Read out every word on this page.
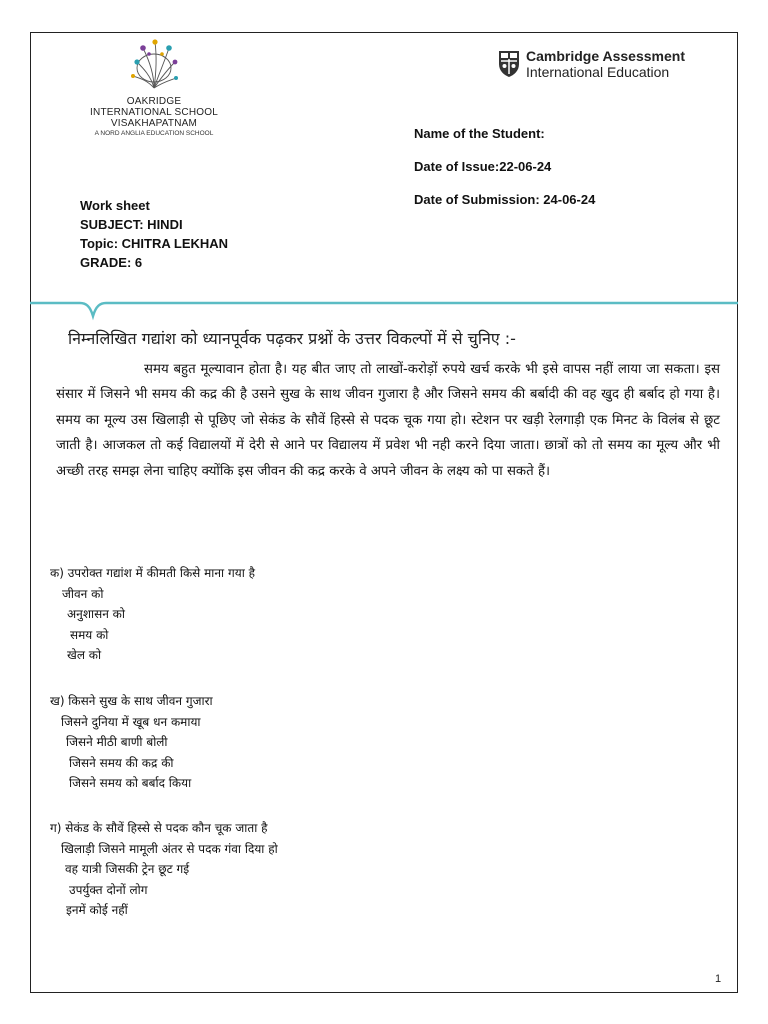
OAKRIDGE
INTERNATIONAL SCHOOL
VISAKHAPATNAM
A NORD ANGLIA EDUCATION SCHOOL
Cambridge Assessment
International Education
Name of the Student:
Date of Issue:22-06-24
Date of Submission: 24-06-24
Work sheet
SUBJECT: HINDI
Topic: CHITRA LEKHAN
GRADE: 6
निम्नलिखित गद्यांश को ध्यानपूर्वक पढ़कर प्रश्नों के उत्तर विकल्पों में से चुनिए :-
समय बहुत मूल्यावान होता है। यह बीत जाए तो लाखों-करोड़ों रुपये खर्च करके भी इसे वापस नहीं लाया जा सकता। इस संसार में जिसने भी समय की कद्र की है उसने सुख के साथ जीवन गुजारा है और जिसने समय की बर्बादी की वह खुद ही बर्बाद हो गया है। समय का मूल्य उस खिलाड़ी से पूछिए जो सेकंड के सौवें हिस्से से पदक चूक गया हो। स्टेशन पर खड़ी रेलगाड़ी एक मिनट के विलंब से छूट जाती है। आजकल तो कई विद्यालयों में देरी से आने पर विद्यालय में प्रवेश भी नही करने दिया जाता। छात्रों को तो समय का मूल्य और भी अच्छी तरह समझ लेना चाहिए क्योंकि इस जीवन की कद्र करके वे अपने जीवन के लक्ष्य को पा सकते हैं।
क) उपरोक्त गद्यांश में कीमती किसे माना गया है
जीवन को
अनुशासन को
समय को
खेल को
ख) किसने सुख के साथ जीवन गुजारा
जिसने दुनिया में खूब धन कमाया
जिसने मीठी बाणी बोली
जिसने समय की कद्र की
जिसने समय को बर्बाद किया
ग) सेकंड के सौवें हिस्से से पदक कौन चूक जाता है
खिलाड़ी जिसने मामूली अंतर से पदक गंवा दिया हो
वह यात्री जिसकी ट्रेन छूट गई
उपर्युक्त दोनों लोग
इनमें कोई नहीं
1
